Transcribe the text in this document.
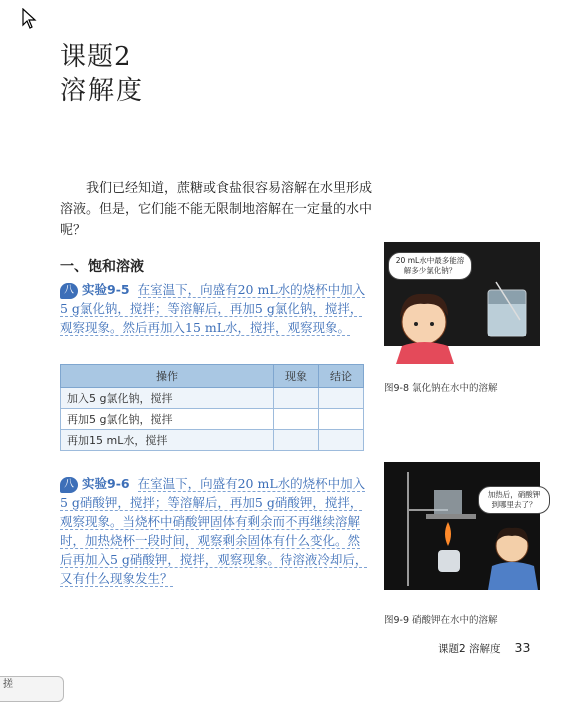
课题2
溶解度
我们已经知道，蔗糖或食盐很容易溶解在水里形成溶液。但是，它们能不能无限制地溶解在一定量的水中呢？
一、饱和溶液
八 实验9-5 在室温下，向盛有20 mL水的烧杯中加入5 g氯化钠，搅拌；等溶解后，再加5 g氯化钠，搅拌，观察现象。然后再加入15 mL水，搅拌，观察现象。
操作	现象	结论
加入5 g氯化钠，搅拌		
再加5 g氯化钠，搅拌		
再加15 mL水，搅拌		
八 实验9-6 在室温下，向盛有20 mL水的烧杯中加入5 g硝酸钾，搅拌；等溶解后，再加5 g硝酸钾，搅拌，观察现象。当烧杯中硝酸钾固体有剩余而不再继续溶解时，加热烧杯一段时间，观察剩余固体有什么变化。然后再加入5 g硝酸钾，搅拌，观察现象。待溶液冷却后，又有什么现象发生？
20 mL水中最多能溶解多少氯化钠？
图9-8 氯化钠在水中的溶解
加热后，硝酸钾到哪里去了？
图9-9 硝酸钾在水中的溶解
课题2 溶解度 33
搓
